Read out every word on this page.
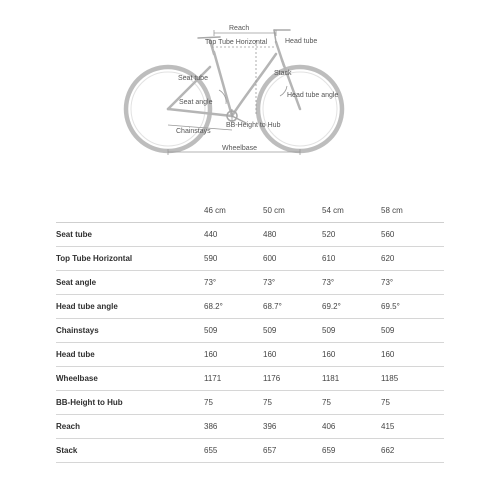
Reach
Top Tube Horizontal	Head tube
Seat tube
Stack
Head tube angle
Seat angle
Chainstays
BB-Height to Hub
Wheelbase
	46 cm	50 cm	54 cm	58 cm
Seat tube	440	480	520	560
Top Tube Horizontal	590	600	610	620
Seat angle	73°	73°	73°	73°
Head tube angle	68.2°	68.7°	69.2°	69.5°
Chainstays	509	509	509	509
Head tube	160	160	160	160
Wheelbase	1171	1176	1181	1185
BB-Height to Hub	75	75	75	75
Reach	386	396	406	415
Stack	655	657	659	662
